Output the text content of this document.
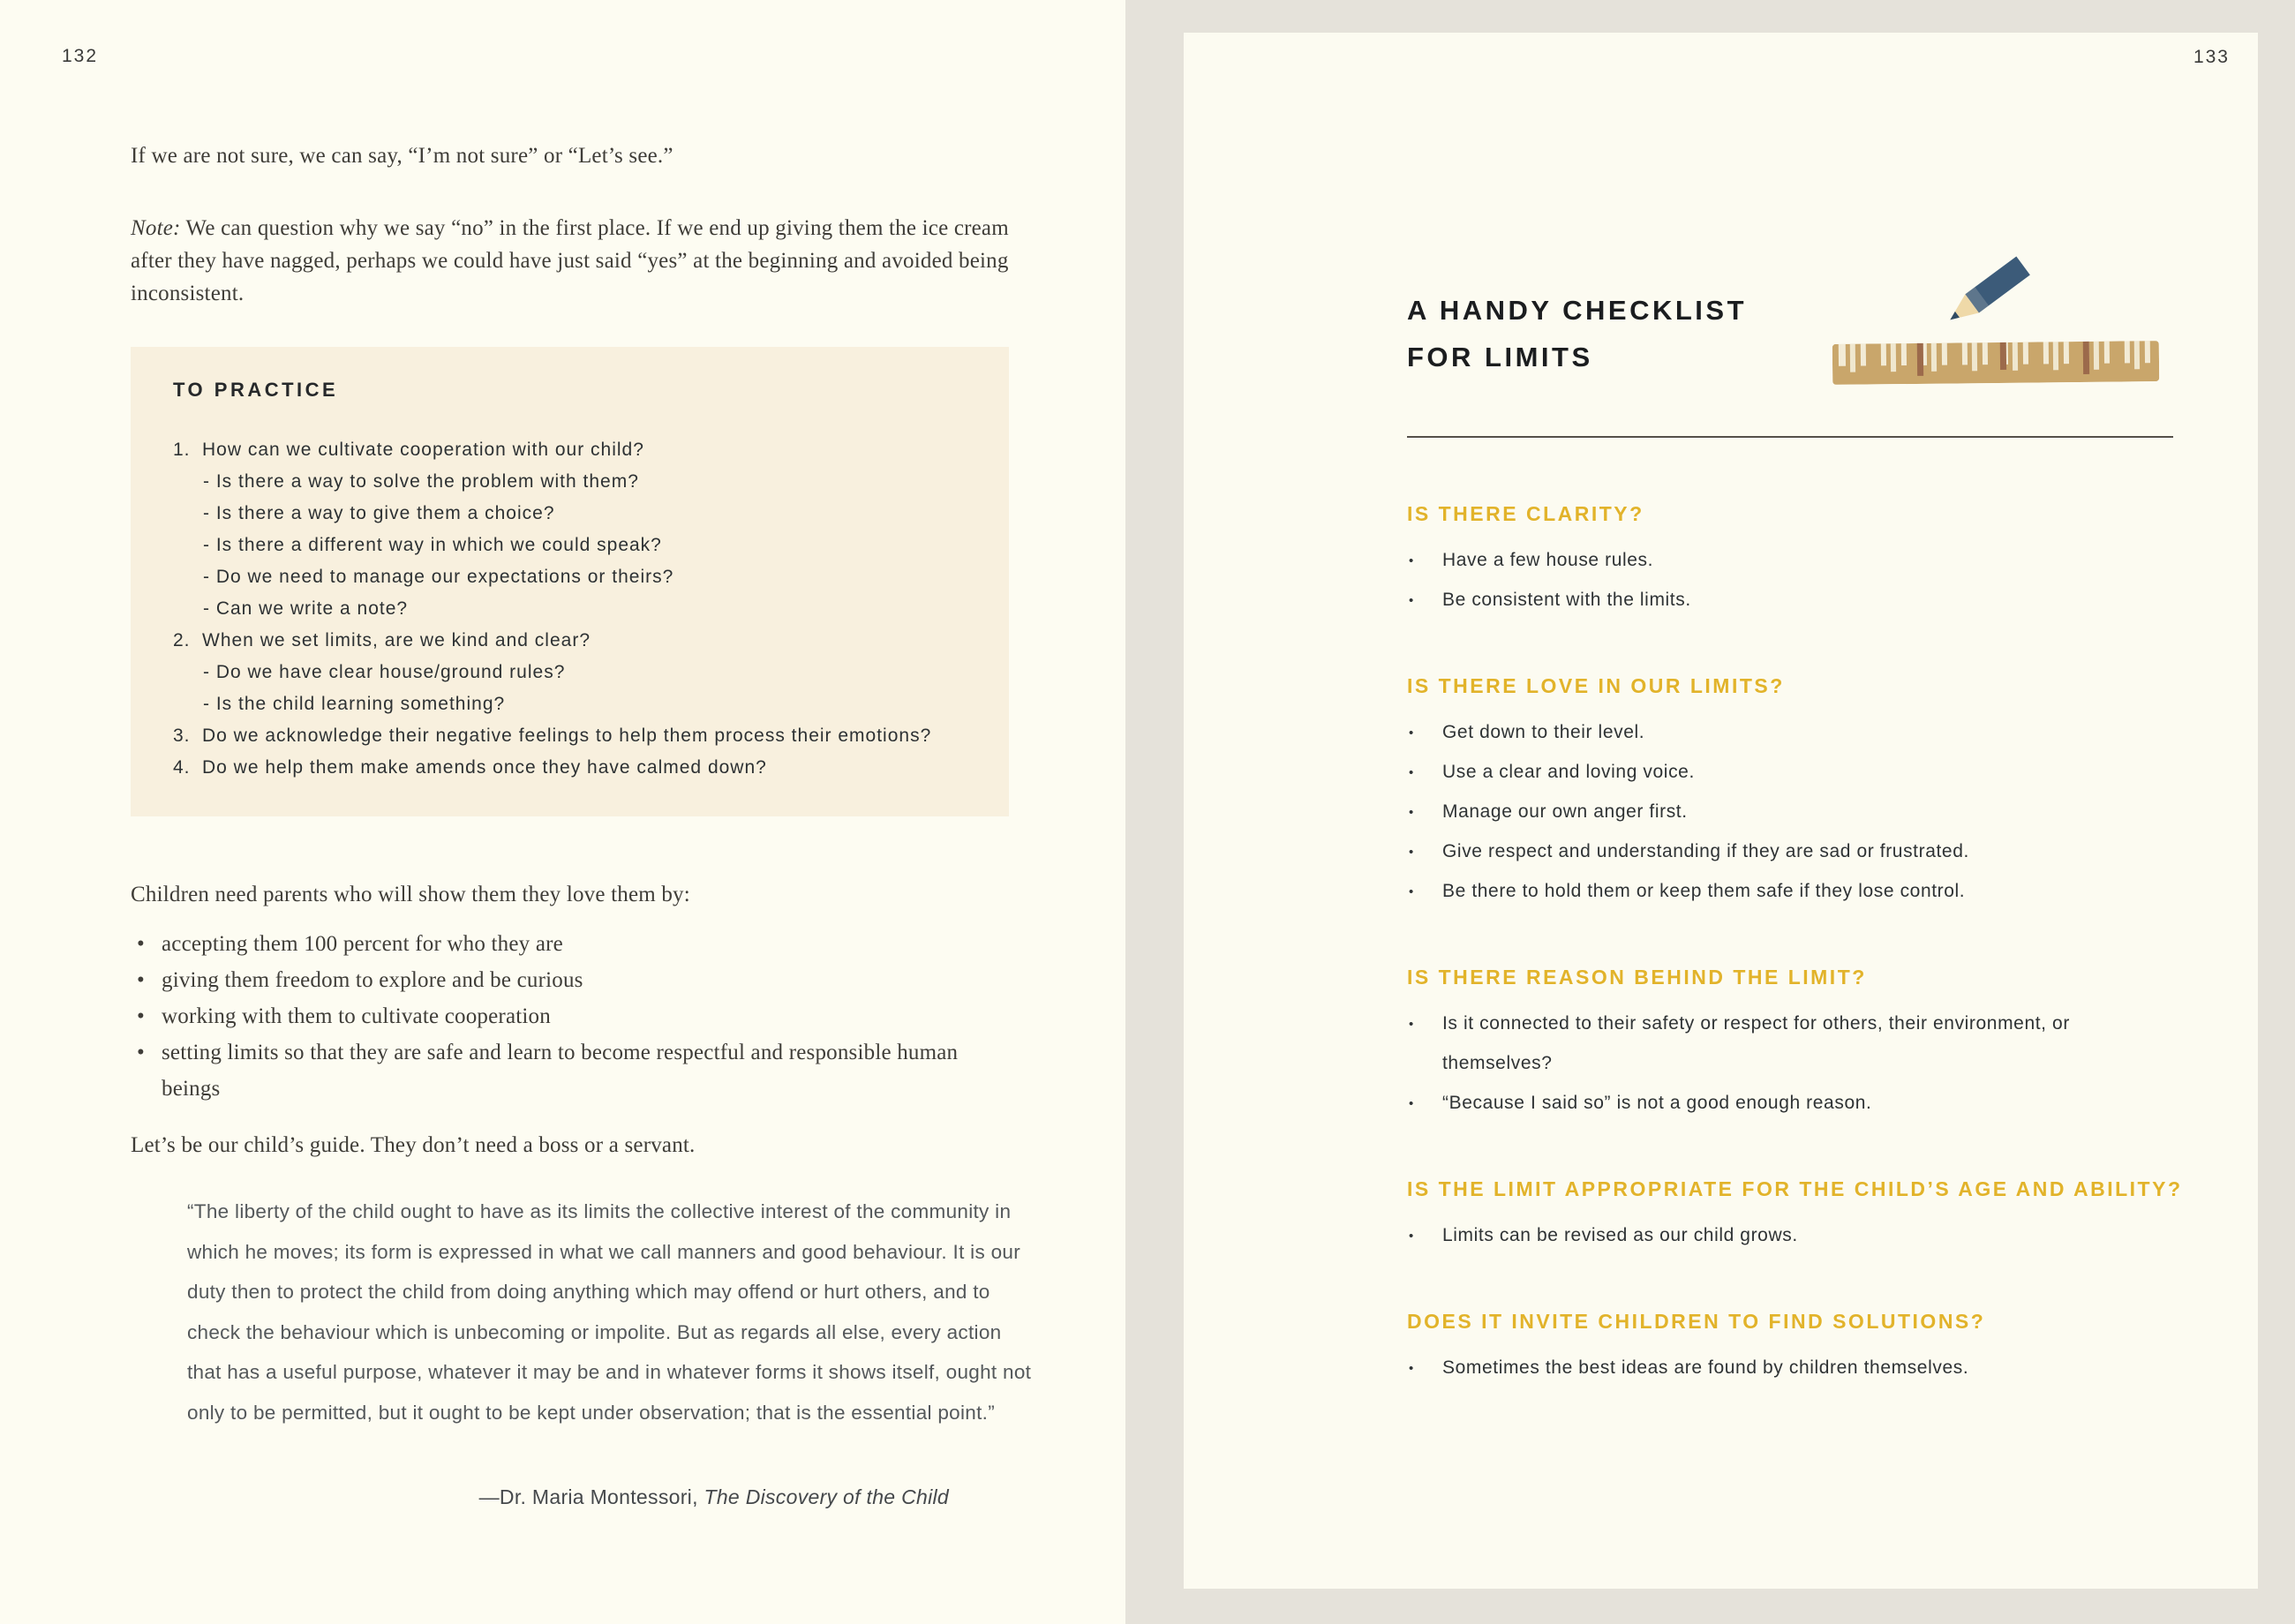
132

If we are not sure, we can say, “I’m not sure” or “Let’s see.”

Note: We can question why we say “no” in the first place. If we end up giving them the ice cream after they have nagged, perhaps we could have just said “yes” at the beginning and avoided being inconsistent.

TO PRACTICE
1. How can we cultivate cooperation with our child?
- Is there a way to solve the problem with them?
- Is there a way to give them a choice?
- Is there a different way in which we could speak?
- Do we need to manage our expectations or theirs?
- Can we write a note?
2. When we set limits, are we kind and clear?
- Do we have clear house/ground rules?
- Is the child learning something?
3. Do we acknowledge their negative feelings to help them process their emotions?
4. Do we help them make amends once they have calmed down?

Children need parents who will show them they love them by:

• accepting them 100 percent for who they are
• giving them freedom to explore and be curious
• working with them to cultivate cooperation
• setting limits so that they are safe and learn to become respectful and responsible human beings

Let’s be our child’s guide. They don’t need a boss or a servant.

“The liberty of the child ought to have as its limits the collective interest of the community in which he moves; its form is expressed in what we call manners and good behaviour. It is our duty then to protect the child from doing anything which may offend or hurt others, and to check the behaviour which is unbecoming or impolite. But as regards all else, every action that has a useful purpose, whatever it may be and in whatever forms it shows itself, ought not only to be permitted, but it ought to be kept under observation; that is the essential point.”

—Dr. Maria Montessori, The Discovery of the Child

133
A HANDY CHECKLIST
FOR LIMITS
IS THERE CLARITY?
• Have a few house rules.
• Be consistent with the limits.
IS THERE LOVE IN OUR LIMITS?
• Get down to their level.
• Use a clear and loving voice.
• Manage our own anger first.
• Give respect and understanding if they are sad or frustrated.
• Be there to hold them or keep them safe if they lose control.
IS THERE REASON BEHIND THE LIMIT?
• Is it connected to their safety or respect for others, their environment, or themselves?
• “Because I said so” is not a good enough reason.
IS THE LIMIT APPROPRIATE FOR THE CHILD’S AGE AND ABILITY?
• Limits can be revised as our child grows.
DOES IT INVITE CHILDREN TO FIND SOLUTIONS?
• Sometimes the best ideas are found by children themselves.
